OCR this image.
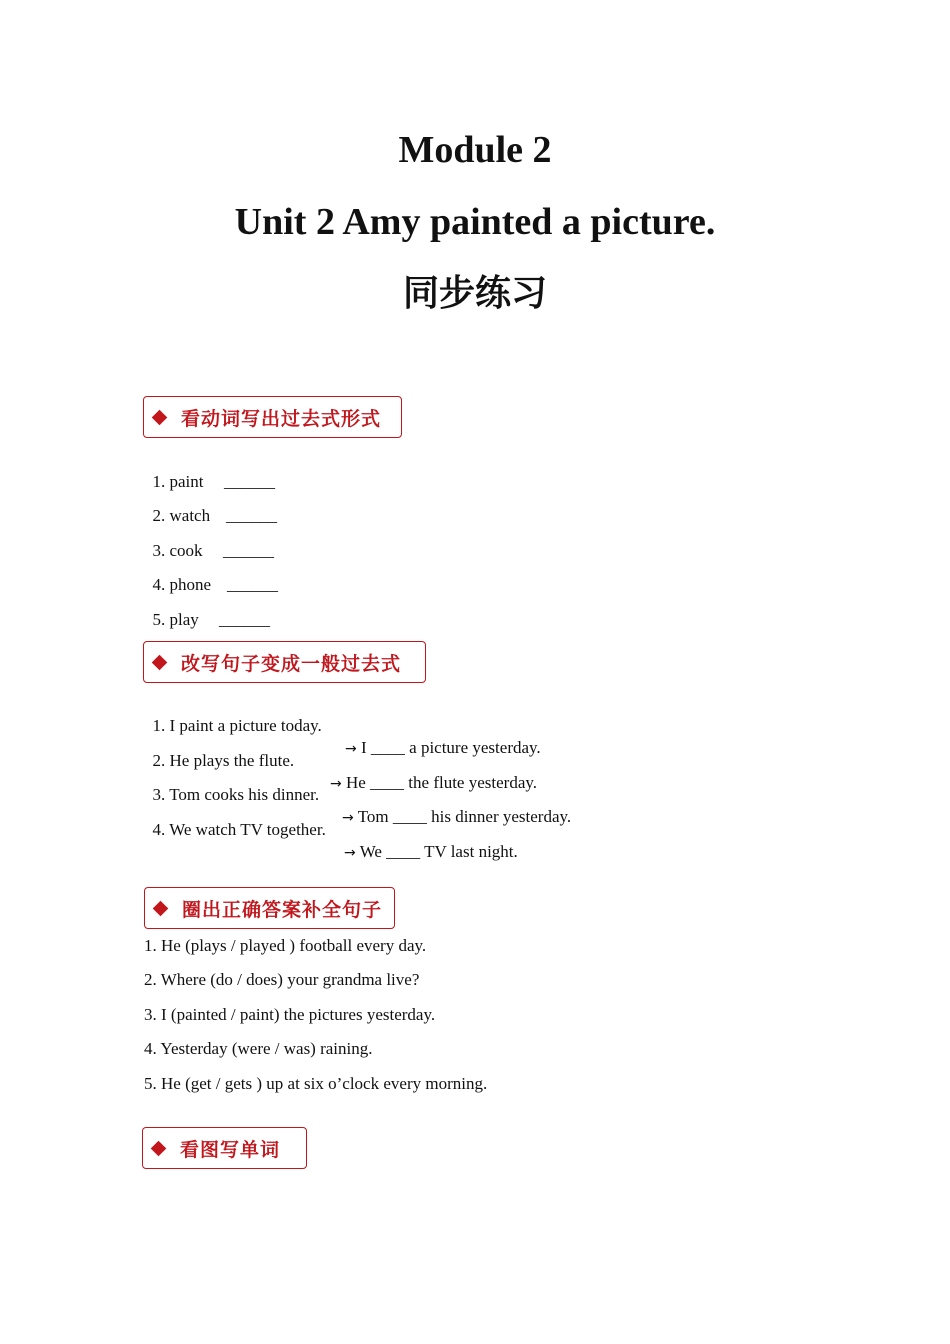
Module 2
Unit 2 Amy painted a picture.
同步练习
看动词写出过去式形式

1. paint ______

2. watch ______

3. cook ______

4. phone ______

5. play ______

改写句子变成一般过去式

1. I paint a picture today.

→ I ____ a picture yesterday.

2. He plays the flute.

→ He ____ the flute yesterday.

3. Tom cooks his dinner.

→ Tom ____ his dinner yesterday.

4. We watch TV together.

→ We ____ TV last night.

圈出正确答案补全句子
1. He (plays / played ) football every day.
2. Where (do / does) your grandma live?
3. I (painted / paint) the pictures yesterday.
4. Yesterday (were / was) raining.
5. He (get / gets ) up at six o’clock every morning.
看图写单词
